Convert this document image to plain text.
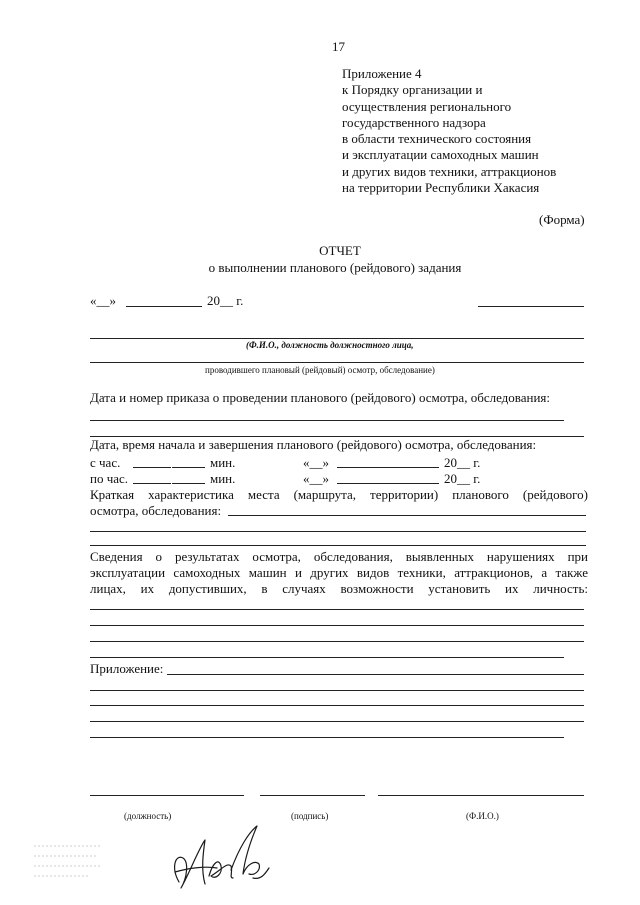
17
Приложение 4
к Порядку организации и
осуществления регионального
государственного надзора
в области технического состояния
и эксплуатации самоходных машин
и других видов техники, аттракционов
на территории Республики Хакасия
(Форма)
ОТЧЕТ
о выполнении планового (рейдового) задания
«__»	20__ г.
(Ф.И.О., должность должностного лица,
проводившего плановый (рейдовый) осмотр, обследование)
Дата и номер приказа о проведении планового (рейдового) осмотра, обследования:
Дата, время начала и завершения планового (рейдового) осмотра, обследования:
с час.	мин.	«__»	20__ г.
по час.	мин.	«__»	20__ г.
Краткая характеристика места (маршрута, территории) планового (рейдового)
осмотра, обследования:
Сведения о результатах осмотра, обследования, выявленных нарушениях при
эксплуатации самоходных машин и других видов техники, аттракционов, а также
лицах, их допустивших, в случаях возможности установить их личность:
Приложение:
(должность)	(подпись)	(Ф.И.О.)
